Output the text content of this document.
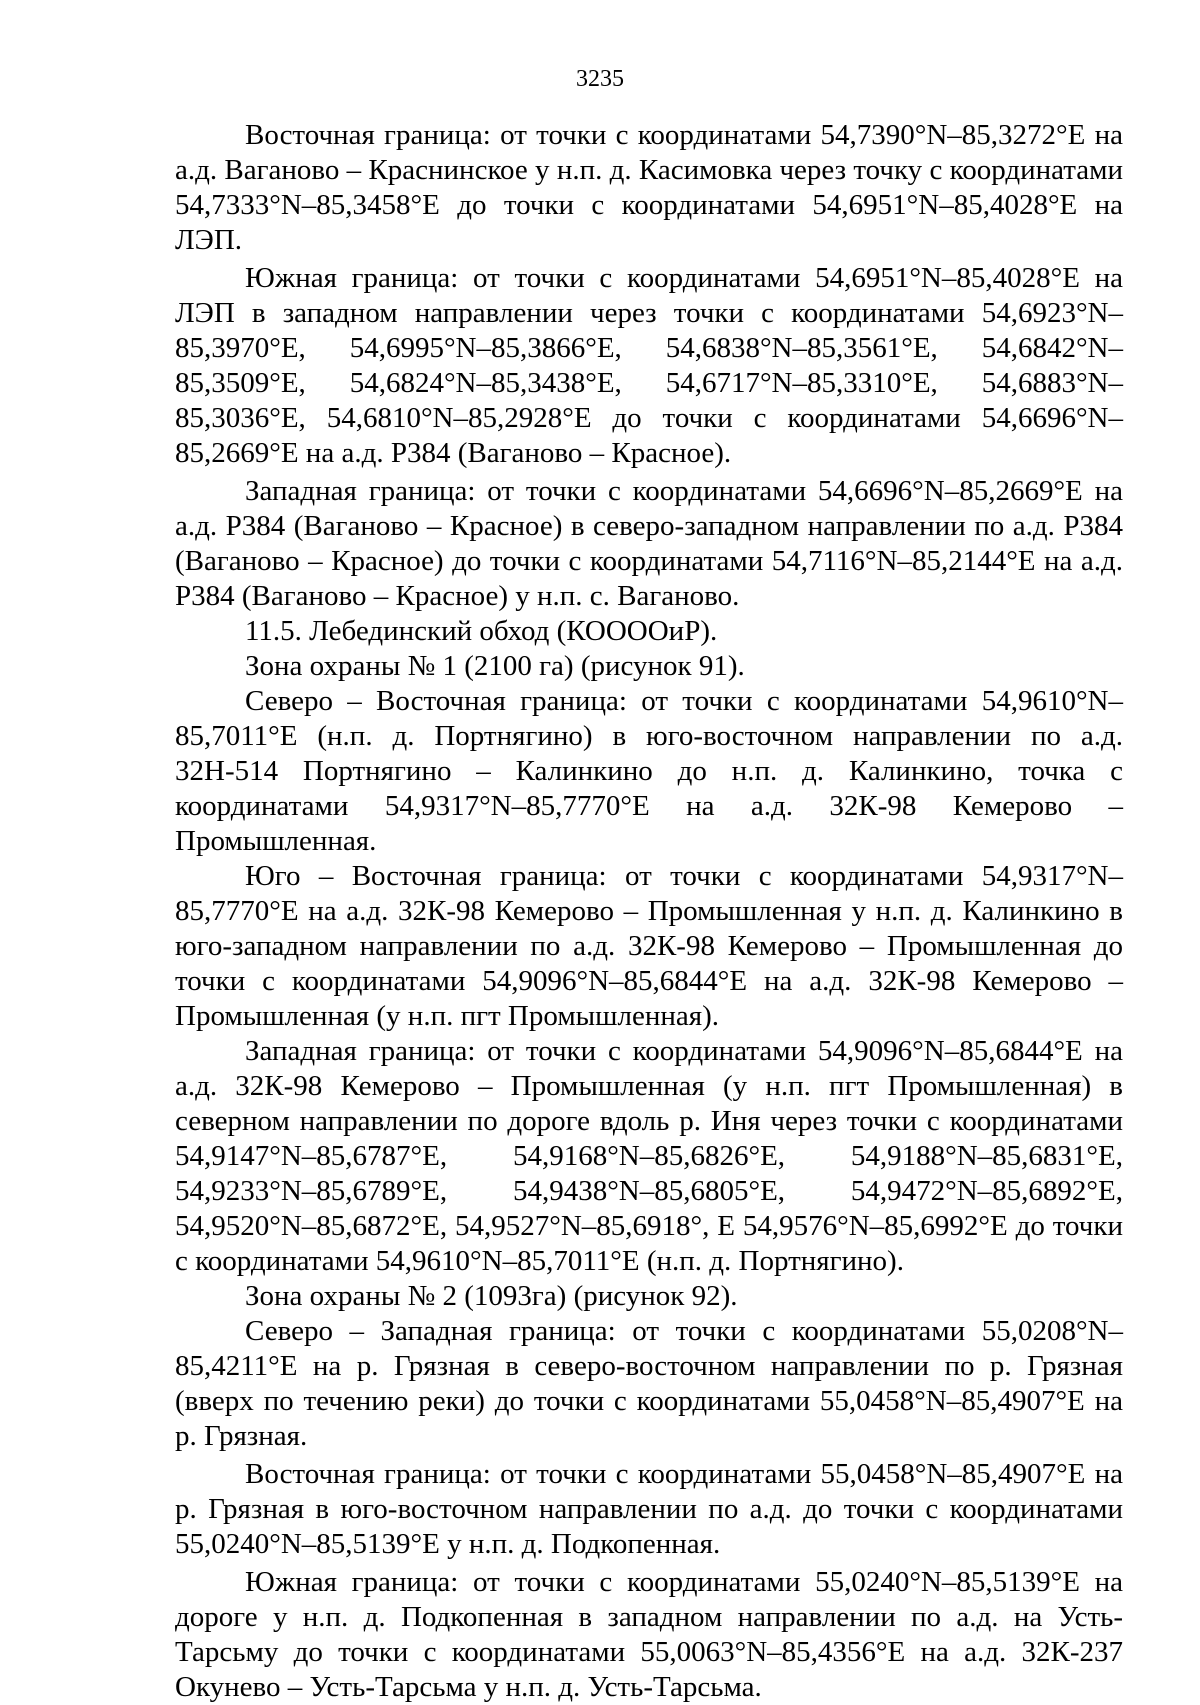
3235

Восточная граница: от точки с координатами 54,7390°N–85,3272°E на а.д. Ваганово – Краснинское у н.п. д. Касимовка через точку с координатами 54,7333°N–85,3458°E до точки с координатами 54,6951°N–85,4028°E на ЛЭП.

Южная граница: от точки с координатами 54,6951°N–85,4028°E на ЛЭП в западном направлении через точки с координатами 54,6923°N–85,3970°E, 54,6995°N–85,3866°E, 54,6838°N–85,3561°E, 54,6842°N–85,3509°E, 54,6824°N–85,3438°E, 54,6717°N–85,3310°E, 54,6883°N–85,3036°E, 54,6810°N–85,2928°E до точки с координатами 54,6696°N–85,2669°E на а.д. Р384 (Ваганово – Красное).

Западная граница: от точки с координатами 54,6696°N–85,2669°E на а.д. Р384 (Ваганово – Красное) в северо-западном направлении по а.д. Р384 (Ваганово – Красное) до точки с координатами 54,7116°N–85,2144°E на а.д. Р384 (Ваганово – Красное) у н.п. с. Ваганово.

11.5. Лебединский обход (КООООиР).

Зона охраны № 1 (2100 га) (рисунок 91).

Северо – Восточная граница: от точки с координатами 54,9610°N–85,7011°E (н.п. д. Портнягино) в юго-восточном направлении по а.д. 32Н-514 Портнягино – Калинкино до н.п. д. Калинкино, точка с координатами 54,9317°N–85,7770°E на а.д. 32К-98 Кемерово – Промышленная.

Юго – Восточная граница: от точки с координатами 54,9317°N–85,7770°E на а.д. 32К-98 Кемерово – Промышленная у н.п. д. Калинкино в юго-западном направлении по а.д. 32К-98 Кемерово – Промышленная до точки с координатами 54,9096°N–85,6844°E на а.д. 32К-98 Кемерово – Промышленная (у н.п. пгт Промышленная).

Западная граница: от точки с координатами 54,9096°N–85,6844°E на а.д. 32К-98 Кемерово – Промышленная (у н.п. пгт Промышленная) в северном направлении по дороге вдоль р. Иня через точки с координатами 54,9147°N–85,6787°E, 54,9168°N–85,6826°E, 54,9188°N–85,6831°E, 54,9233°N–85,6789°E, 54,9438°N–85,6805°E, 54,9472°N–85,6892°E, 54,9520°N–85,6872°E, 54,9527°N–85,6918°, E 54,9576°N–85,6992°E до точки с координатами 54,9610°N–85,7011°E (н.п. д. Портнягино).

Зона охраны № 2 (1093га) (рисунок 92).

Северо – Западная граница: от точки с координатами 55,0208°N–85,4211°E на р. Грязная в северо-восточном направлении по р. Грязная (вверх по течению реки) до точки с координатами 55,0458°N–85,4907°E на р. Грязная.

Восточная граница: от точки с координатами 55,0458°N–85,4907°E на р. Грязная в юго-восточном направлении по а.д. до точки с координатами 55,0240°N–85,5139°E у н.п. д. Подкопенная.

Южная граница: от точки с координатами 55,0240°N–85,5139°E на дороге у н.п. д. Подкопенная в западном направлении по а.д. на Усть-Тарсьму до точки с координатами 55,0063°N–85,4356°E на а.д. 32К-237 Окунево – Усть-Тарсьма у н.п. д. Усть-Тарсьма.
